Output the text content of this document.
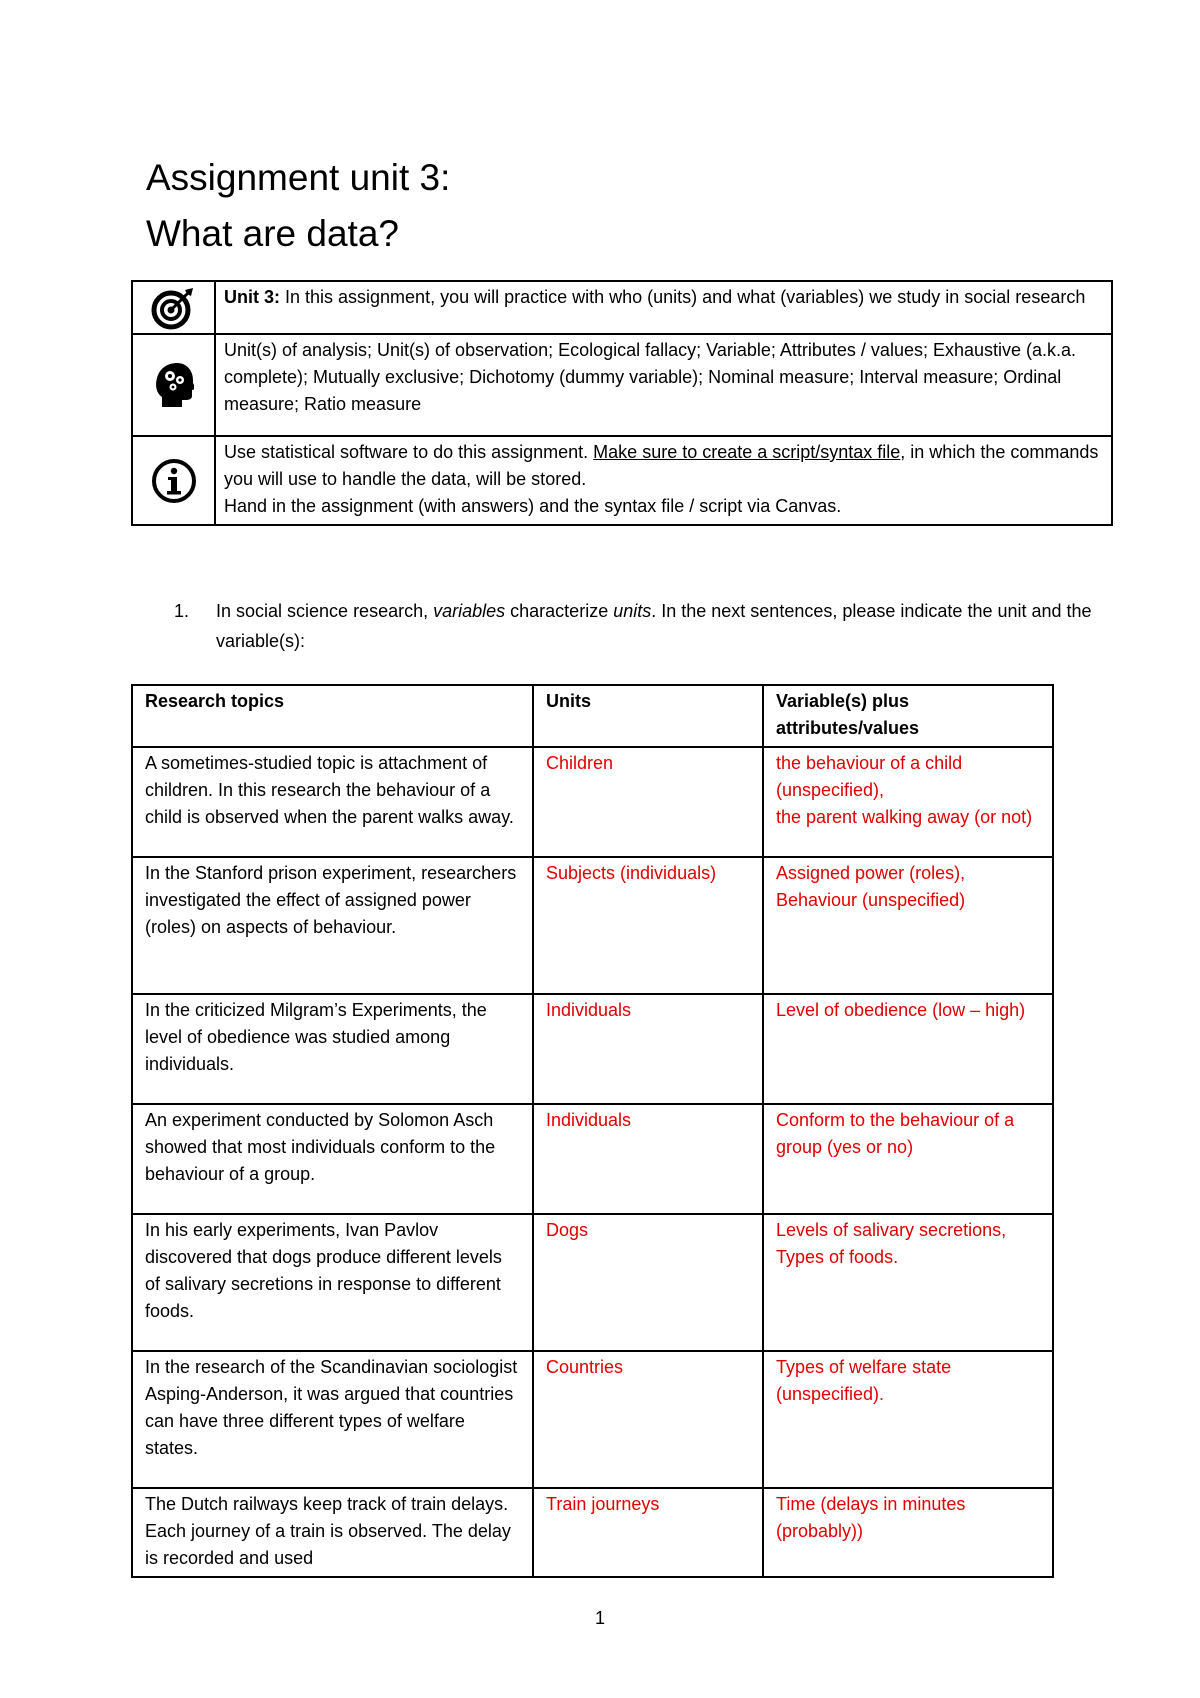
Assignment unit 3:
What are data?
	Unit 3: In this assignment, you will practice with who (units) and what (variables) we study in social research

	Unit(s) of analysis; Unit(s) of observation; Ecological fallacy; Variable; Attributes / values; Exhaustive (a.k.a. complete); Mutually exclusive; Dichotomy (dummy variable); Nominal measure; Interval measure; Ordinal measure; Ratio measure

	Use statistical software to do this assignment. Make sure to create a script/syntax file, in which the commands you will use to handle the data, will be stored.
Hand in the assignment (with answers) and the syntax file / script via Canvas.
1. In social science research, variables characterize units. In the next sentences, please indicate the unit and the variable(s):
Research topics	Units	Variable(s) plus attributes/values
A sometimes-studied topic is attachment of children. In this research the behaviour of a child is observed when the parent walks away.	Children	the behaviour of a child (unspecified),
the parent walking away (or not)
In the Stanford prison experiment, researchers investigated the effect of assigned power (roles) on aspects of behaviour.	Subjects (individuals)	Assigned power (roles),
Behaviour (unspecified)
In the criticized Milgram’s Experiments, the level of obedience was studied among individuals.	Individuals	Level of obedience (low – high)
An experiment conducted by Solomon Asch showed that most individuals conform to the behaviour of a group.	Individuals	Conform to the behaviour of a group (yes or no)
In his early experiments, Ivan Pavlov discovered that dogs produce different levels of salivary secretions in response to different foods.	Dogs	Levels of salivary secretions,
Types of foods.
In the research of the Scandinavian sociologist Asping-Anderson, it was argued that countries can have three different types of welfare states.	Countries	Types of welfare state (unspecified).
The Dutch railways keep track of train delays. Each journey of a train is observed. The delay is recorded and used	Train journeys	Time (delays in minutes (probably))
1
